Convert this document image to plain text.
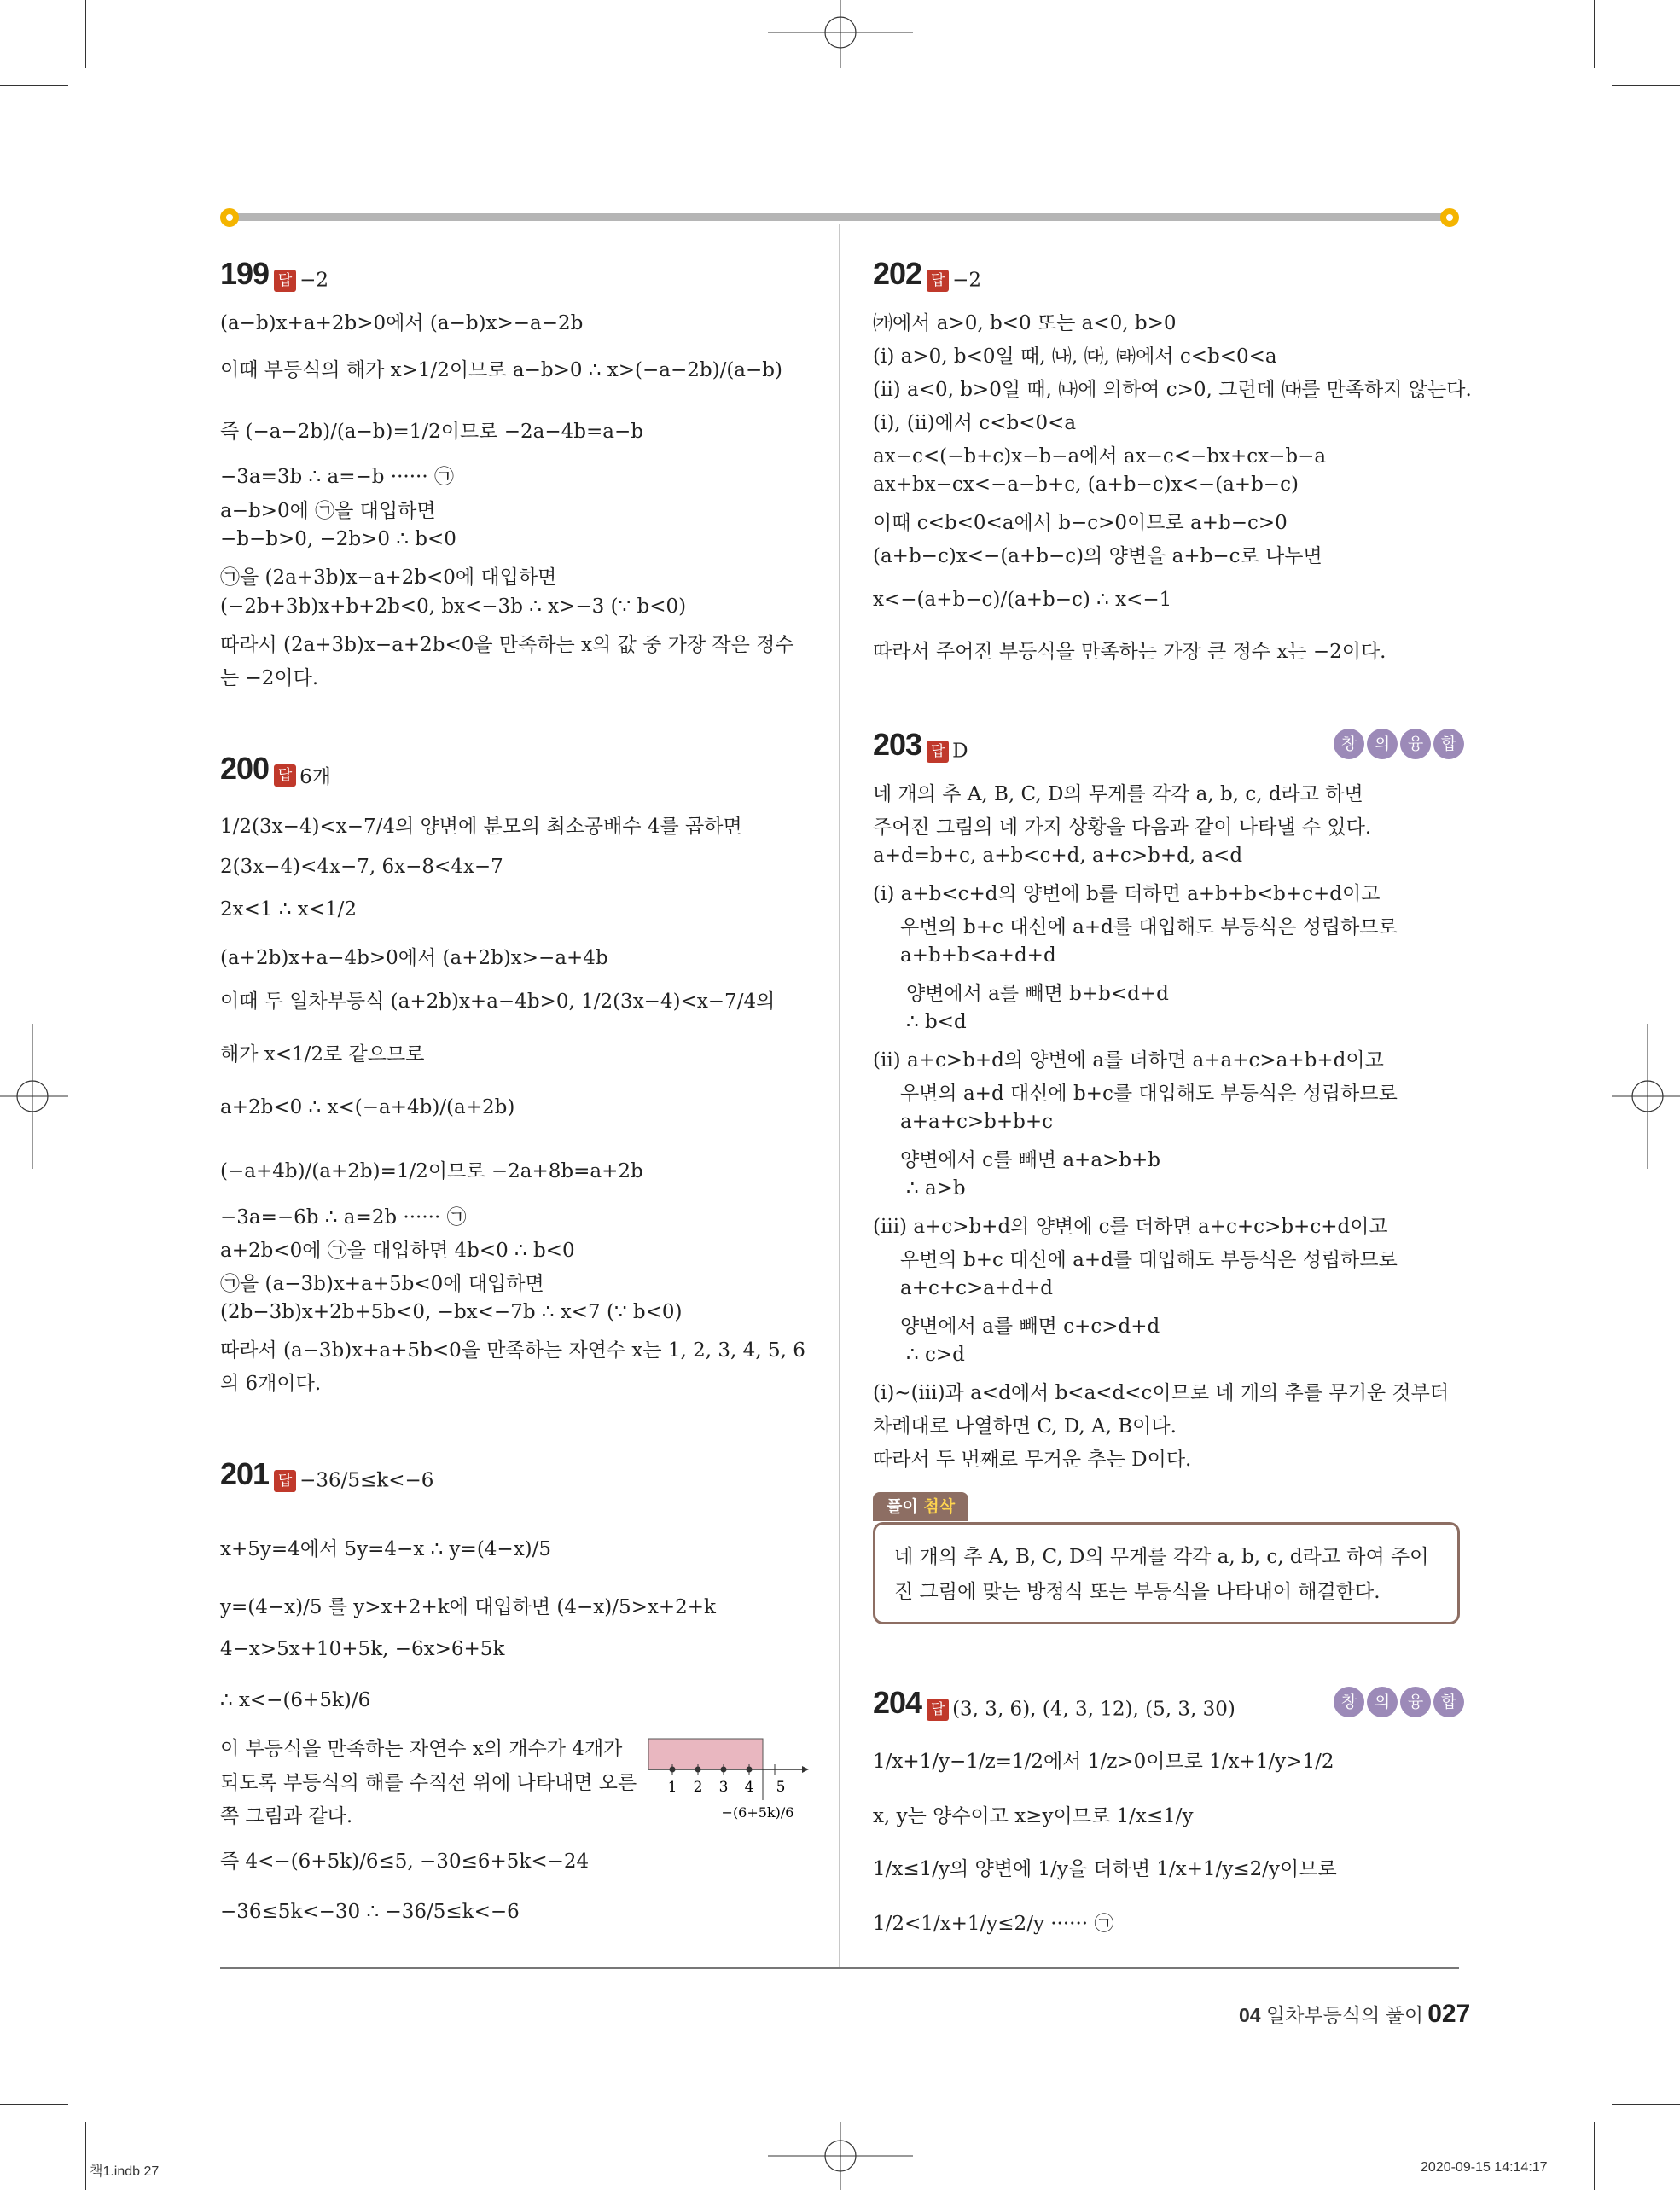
199 답 −2
(a−b)x+a+2b>0에서 (a−b)x>−a−2b
이때 부등식의 해가 x>1/2이므로 a−b>0 ∴ x>(−a−2b)/(a−b)
즉 (−a−2b)/(a−b)=1/2이므로 −2a−4b=a−b
−3a=3b ∴ a=−b ······ ㉠
a−b>0에 ㉠을 대입하면
−b−b>0, −2b>0 ∴ b<0
㉠을 (2a+3b)x−a+2b<0에 대입하면
(−2b+3b)x+b+2b<0, bx<−3b ∴ x>−3 (∵ b<0)
따라서 (2a+3b)x−a+2b<0을 만족하는 x의 값 중 가장 작은 정수
는 −2이다.
200 답 6개
1/2(3x−4)<x−7/4의 양변에 분모의 최소공배수 4를 곱하면
2(3x−4)<4x−7, 6x−8<4x−7
2x<1 ∴ x<1/2
(a+2b)x+a−4b>0에서 (a+2b)x>−a+4b
이때 두 일차부등식 (a+2b)x+a−4b>0, 1/2(3x−4)<x−7/4의
해가 x<1/2로 같으므로
a+2b<0 ∴ x<(−a+4b)/(a+2b)
(−a+4b)/(a+2b)=1/2이므로 −2a+8b=a+2b
−3a=−6b ∴ a=2b ······ ㉠
a+2b<0에 ㉠을 대입하면 4b<0 ∴ b<0
㉠을 (a−3b)x+a+5b<0에 대입하면
(2b−3b)x+2b+5b<0, −bx<−7b ∴ x<7 (∵ b<0)
따라서 (a−3b)x+a+5b<0을 만족하는 자연수 x는 1, 2, 3, 4, 5, 6
의 6개이다.
201 답 −36/5≤k<−6
x+5y=4에서 5y=4−x ∴ y=(4−x)/5
y=(4−x)/5 를 y>x+2+k에 대입하면 (4−x)/5>x+2+k
4−x>5x+10+5k, −6x>6+5k
∴ x<−(6+5k)/6
이 부등식을 만족하는 자연수 x의 개수가 4개가
되도록 부등식의 해를 수직선 위에 나타내면 오른
쪽 그림과 같다.
즉 4<−(6+5k)/6≤5, −30≤6+5k<−24
−36≤5k<−30 ∴ −36/5≤k<−6
1 2 3 4 5
−(6+5k)/6
202 답 −2
㈎에서 a>0, b<0 또는 a<0, b>0
(ⅰ) a>0, b<0일 때, ㈏, ㈐, ㈑에서 c<b<0<a
(ⅱ) a<0, b>0일 때, ㈏에 의하여 c>0, 그런데 ㈐를 만족하지 않는다.
(ⅰ), (ⅱ)에서 c<b<0<a
ax−c<(−b+c)x−b−a에서 ax−c<−bx+cx−b−a
ax+bx−cx<−a−b+c, (a+b−c)x<−(a+b−c)
이때 c<b<0<a에서 b−c>0이므로 a+b−c>0
(a+b−c)x<−(a+b−c)의 양변을 a+b−c로 나누면
x<−(a+b−c)/(a+b−c) ∴ x<−1
따라서 주어진 부등식을 만족하는 가장 큰 정수 x는 −2이다.
203 답 D	창	의	융	합
네 개의 추 A, B, C, D의 무게를 각각 a, b, c, d라고 하면
주어진 그림의 네 가지 상황을 다음과 같이 나타낼 수 있다.
a+d=b+c, a+b<c+d, a+c>b+d, a<d
(ⅰ) a+b<c+d의 양변에 b를 더하면 a+b+b<b+c+d이고
우변의 b+c 대신에 a+d를 대입해도 부등식은 성립하므로
a+b+b<a+d+d
양변에서 a를 빼면 b+b<d+d
∴ b<d
(ⅱ) a+c>b+d의 양변에 a를 더하면 a+a+c>a+b+d이고
우변의 a+d 대신에 b+c를 대입해도 부등식은 성립하므로
a+a+c>b+b+c
양변에서 c를 빼면 a+a>b+b
∴ a>b
(ⅲ) a+c>b+d의 양변에 c를 더하면 a+c+c>b+c+d이고
우변의 b+c 대신에 a+d를 대입해도 부등식은 성립하므로
a+c+c>a+d+d
양변에서 a를 빼면 c+c>d+d
∴ c>d
(ⅰ)~(ⅲ)과 a<d에서 b<a<d<c이므로 네 개의 추를 무거운 것부터
차례대로 나열하면 C, D, A, B이다.
따라서 두 번째로 무거운 추는 D이다.
풀이 첨삭
네 개의 추 A, B, C, D의 무게를 각각 a, b, c, d라고 하여 주어
진 그림에 맞는 방정식 또는 부등식을 나타내어 해결한다.
204 답 (3, 3, 6), (4, 3, 12), (5, 3, 30)	창	의	융	합
1/x+1/y−1/z=1/2에서 1/z>0이므로 1/x+1/y>1/2
x, y는 양수이고 x≥y이므로 1/x≤1/y
1/x≤1/y의 양변에 1/y을 더하면 1/x+1/y≤2/y이므로
1/2<1/x+1/y≤2/y ······ ㉠
04 일차부등식의 풀이 027
책1.indb 27	2020-09-15 14:14:17
